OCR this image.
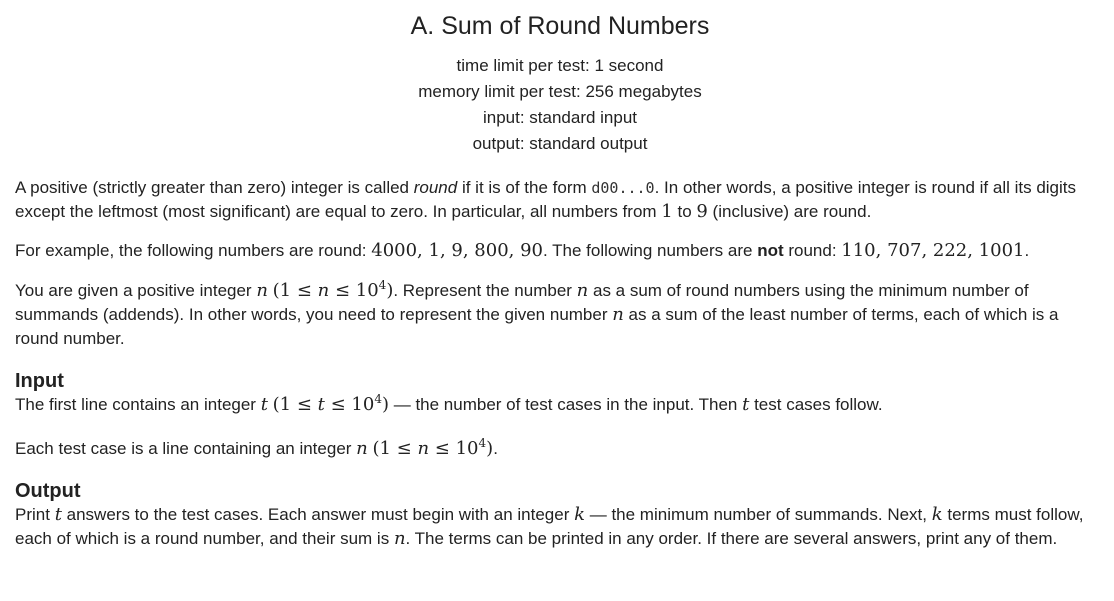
A. Sum of Round Numbers
time limit per test: 1 second
memory limit per test: 256 megabytes
input: standard input
output: standard output

A positive (strictly greater than zero) integer is called round if it is of the form d00...0. In other words, a positive integer is round if all its digits except the leftmost (most significant) are equal to zero. In particular, all numbers from 1 to 9 (inclusive) are round.

For example, the following numbers are round: 4000, 1, 9, 800, 90. The following numbers are not round: 110, 707, 222, 1001.

You are given a positive integer n $(1 \le n \le 10^4)$. Represent the number n as a sum of round numbers using the minimum number of summands (addends). In other words, you need to represent the given number n as a sum of the least number of terms, each of which is a round number.

Input

The first line contains an integer t $(1 \le t \le 10^4)$ — the number of test cases in the input. Then t test cases follow.

Each test case is a line containing an integer n $(1 \le n \le 10^4)$.

Output

Print t answers to the test cases. Each answer must begin with an integer k — the minimum number of summands. Next, k terms must follow, each of which is a round number, and their sum is n. The terms can be printed in any order. If there are several answers, print any of them.
